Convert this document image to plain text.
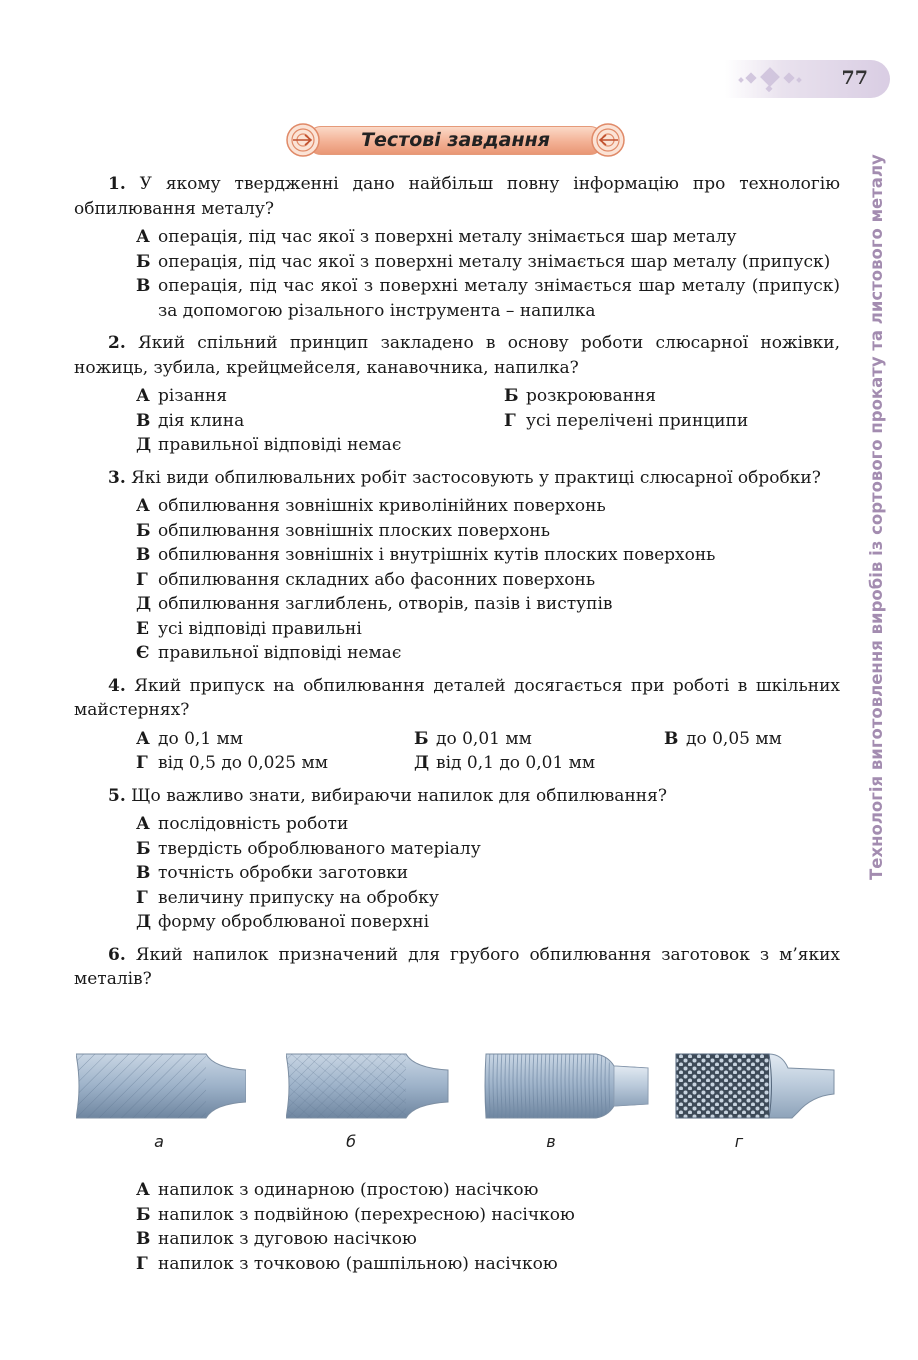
77
Технологія виготовлення виробів із сортового прокату та листового металу
Тестові завдання
1. У якому твердженні дано найбільш повну інформацію про технологію обпилювання металу?
А операція, під час якої з поверхні металу знімається шар металу
Б операція, під час якої з поверхні металу знімається шар металу (припуск)
В операція, під час якої з поверхні металу знімається шар металу (припуск) за допомогою різального інструмента – напилка
2. Який спільний принцип закладено в основу роботи слюсарної ножівки, ножиць, зубила, крейцмейселя, канавочника, напилка?
А різання	Б розкроювання
В дія клина	Г усі перелічені принципи
Д правильної відповіді немає
3. Які види обпилювальних робіт застосовують у практиці слюсарної обробки?
А обпилювання зовнішніх криволінійних поверхонь
Б обпилювання зовнішніх плоских поверхонь
В обпилювання зовнішніх і внутрішніх кутів плоских поверхонь
Г обпилювання складних або фасонних поверхонь
Д обпилювання заглиблень, отворів, пазів і виступів
Е усі відповіді правильні
Є правильної відповіді немає
4. Який припуск на обпилювання деталей досягається при роботі в шкільних майстернях?
А до 0,1 мм	Б до 0,01 мм	В до 0,05 мм
Г від 0,5 до 0,025 мм	Д від 0,1 до 0,01 мм
5. Що важливо знати, вибираючи напилок для обпилювання?
А послідовність роботи
Б твердість оброблюваного матеріалу
В точність обробки заготовки
Г величину припуску на обробку
Д форму оброблюваної поверхні
6. Який напилок призначений для грубого обпилювання заготовок з м’яких металів?
а	б	в	г
А напилок з одинарною (простою) насічкою
Б напилок з подвійною (перехресною) насічкою
В напилок з дуговою насічкою
Г напилок з точковою (рашпільною) насічкою
